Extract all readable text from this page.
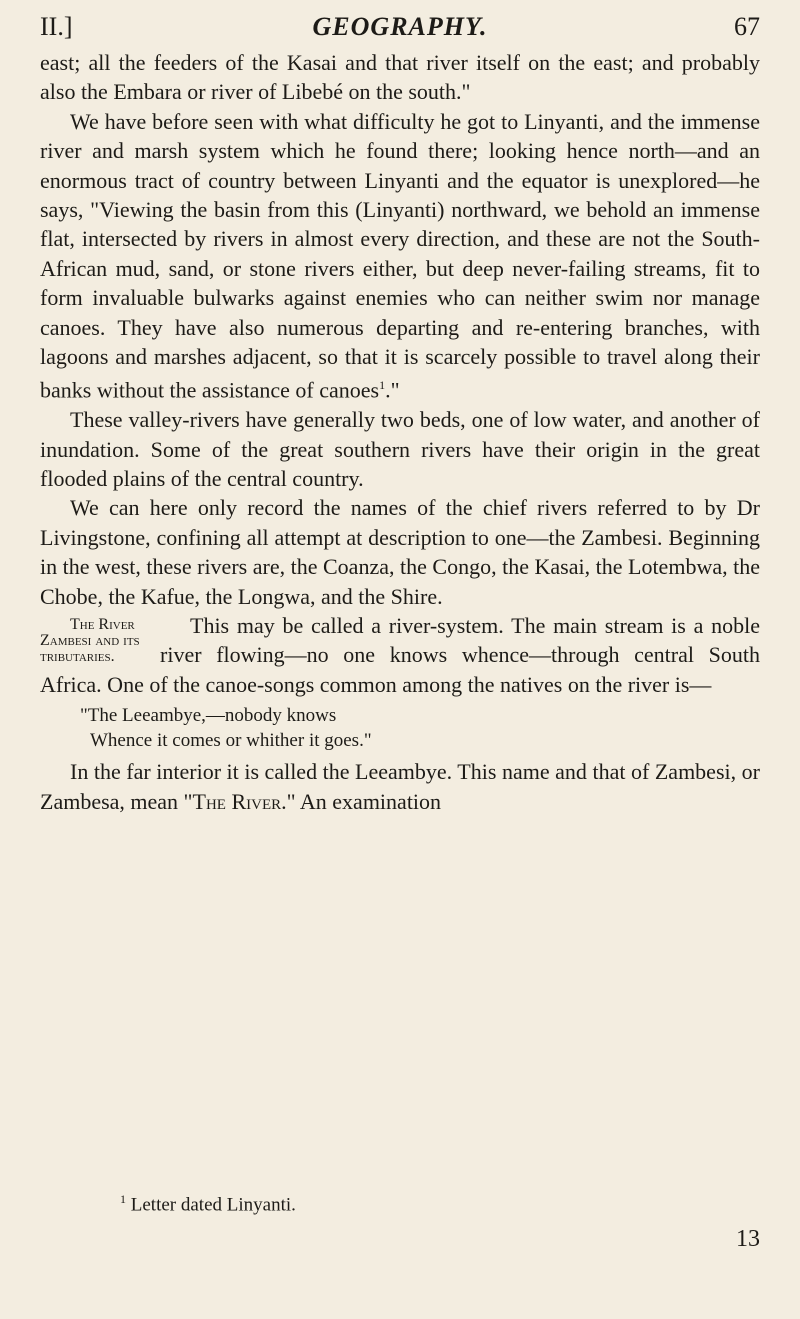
II.]	GEOGRAPHY.	67

east; all the feeders of the Kasai and that river itself on the east; and probably also the Embara or river of Libebé on the south."

We have before seen with what difficulty he got to Linyanti, and the immense river and marsh system which he found there; looking hence north—and an enormous tract of country between Linyanti and the equator is unexplored—he says, "Viewing the basin from this (Linyanti) northward, we behold an immense flat, intersected by rivers in almost every direction, and these are not the South-African mud, sand, or stone rivers either, but deep never-failing streams, fit to form invaluable bulwarks against enemies who can neither swim nor manage canoes. They have also numerous departing and re-entering branches, with lagoons and marshes adjacent, so that it is scarcely possible to travel along their banks without the assistance of canoes$^1$."

These valley-rivers have generally two beds, one of low water, and another of inundation. Some of the great southern rivers have their origin in the great flooded plains of the central country.

We can here only record the names of the chief rivers referred to by Dr Livingstone, confining all attempt at description to one—the Zambesi. Beginning in the west, these rivers are, the Coanza, the Congo, the Kasai, the Lotembwa, the Chobe, the Kafue, the Longwa, and the Shire.

The River Zambesi and its tributaries.
This may be called a river-system. The main stream is a noble river flowing—no one knows whence—through central South Africa. One of the canoe-songs common among the natives on the river is—

"The Leeambye,—nobody knows
Whence it comes or whither it goes."

In the far interior it is called the Leeambye. This name and that of Zambesi, or Zambesa, mean "The River." An examination

$^1$ Letter dated Linyanti.
13
